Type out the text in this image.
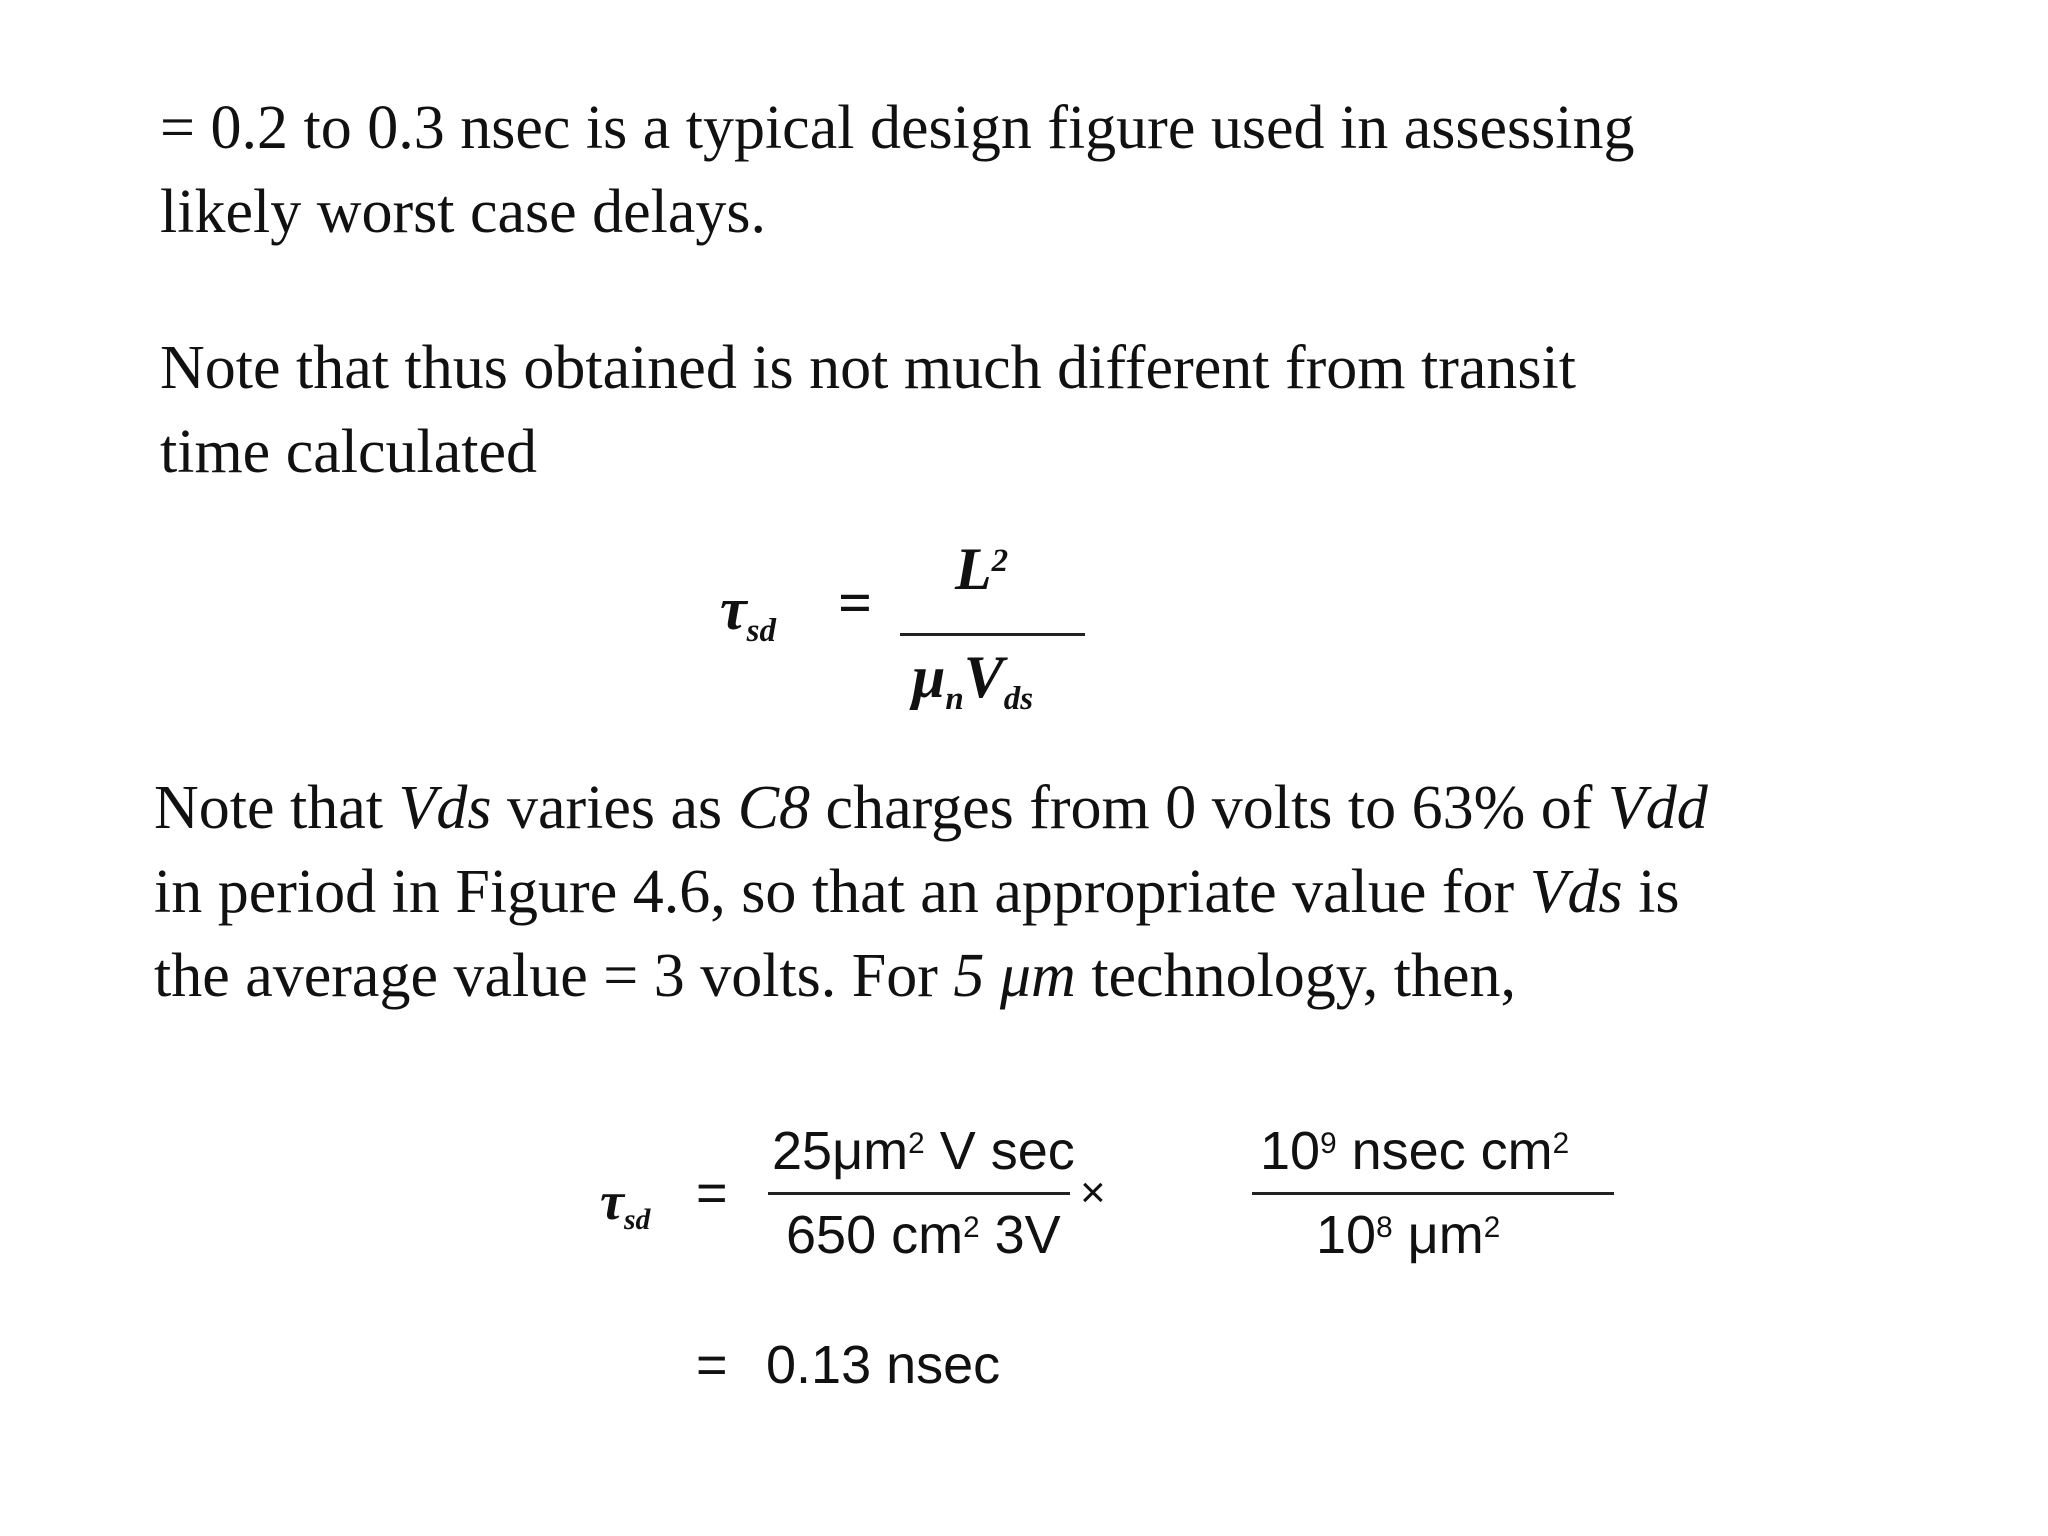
= 0.2 to 0.3 nsec is a typical design figure used in assessing
likely worst case delays.

Note that thus obtained is not much different from transit
time calculated

τsd =
$L^2$
μnVds

Note that Vds varies as C8 charges from 0 volts to 63% of Vdd
in period in Figure 4.6, so that an appropriate value for Vds is
the average value = 3 volts. For 5 μm technology, then,

τsd =
$25\mu m^2$ V sec
650 $cm^2$ 3V
×
$10^9$ nsec $cm^2$
$10^8$ $\mu m^2$
= 0.13 nsec
